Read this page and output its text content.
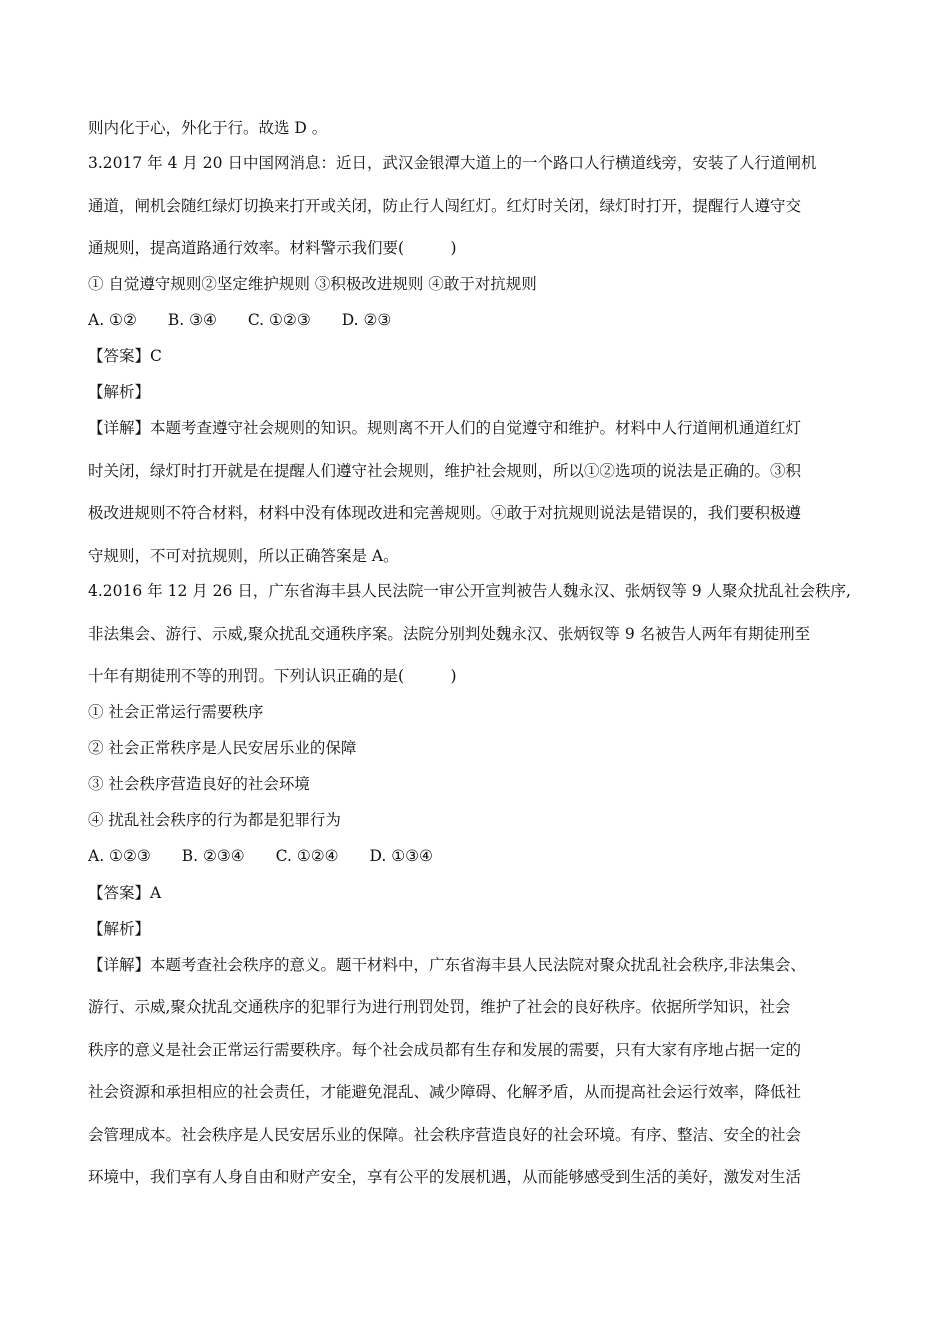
则内化于心，外化于行。故选 D 。
3.2017 年 4 月 20 日中国网消息：近日，武汉金银潭大道上的一个路口人行横道线旁，安装了人行道闸机
通道，闸机会随红绿灯切换来打开或关闭，防止行人闯红灯。红灯时关闭，绿灯时打开，提醒行人遵守交
通规则，提高道路通行效率。材料警示我们要(　　　)
① 自觉遵守规则②坚定维护规则 ③积极改进规则 ④敢于对抗规则
A. ①②　　B. ③④　　C. ①②③　　D. ②③
【答案】C
【解析】
【详解】本题考查遵守社会规则的知识。规则离不开人们的自觉遵守和维护。材料中人行道闸机通道红灯
时关闭，绿灯时打开就是在提醒人们遵守社会规则，维护社会规则，所以①②选项的说法是正确的。③积
极改进规则不符合材料，材料中没有体现改进和完善规则。④敢于对抗规则说法是错误的，我们要积极遵
守规则，不可对抗规则，所以正确答案是 A。
4.2016 年 12 月 26 日，广东省海丰县人民法院一审公开宣判被告人魏永汉、张炳钗等 9 人聚众扰乱社会秩序,
非法集会、游行、示威,聚众扰乱交通秩序案。法院分别判处魏永汉、张炳钗等 9 名被告人两年有期徒刑至
十年有期徒刑不等的刑罚。下列认识正确的是(　　　)
① 社会正常运行需要秩序
② 社会正常秩序是人民安居乐业的保障
③ 社会秩序营造良好的社会环境
④ 扰乱社会秩序的行为都是犯罪行为
A. ①②③　　B. ②③④　　C. ①②④　　D. ①③④
【答案】A
【解析】
【详解】本题考查社会秩序的意义。题干材料中，广东省海丰县人民法院对聚众扰乱社会秩序,非法集会、
游行、示威,聚众扰乱交通秩序的犯罪行为进行刑罚处罚，维护了社会的良好秩序。依据所学知识，社会
秩序的意义是社会正常运行需要秩序。每个社会成员都有生存和发展的需要，只有大家有序地占据一定的
社会资源和承担相应的社会责任，才能避免混乱、减少障碍、化解矛盾，从而提高社会运行效率，降低社
会管理成本。社会秩序是人民安居乐业的保障。社会秩序营造良好的社会环境。有序、整洁、安全的社会
环境中，我们享有人身自由和财产安全，享有公平的发展机遇，从而能够感受到生活的美好，激发对生活
